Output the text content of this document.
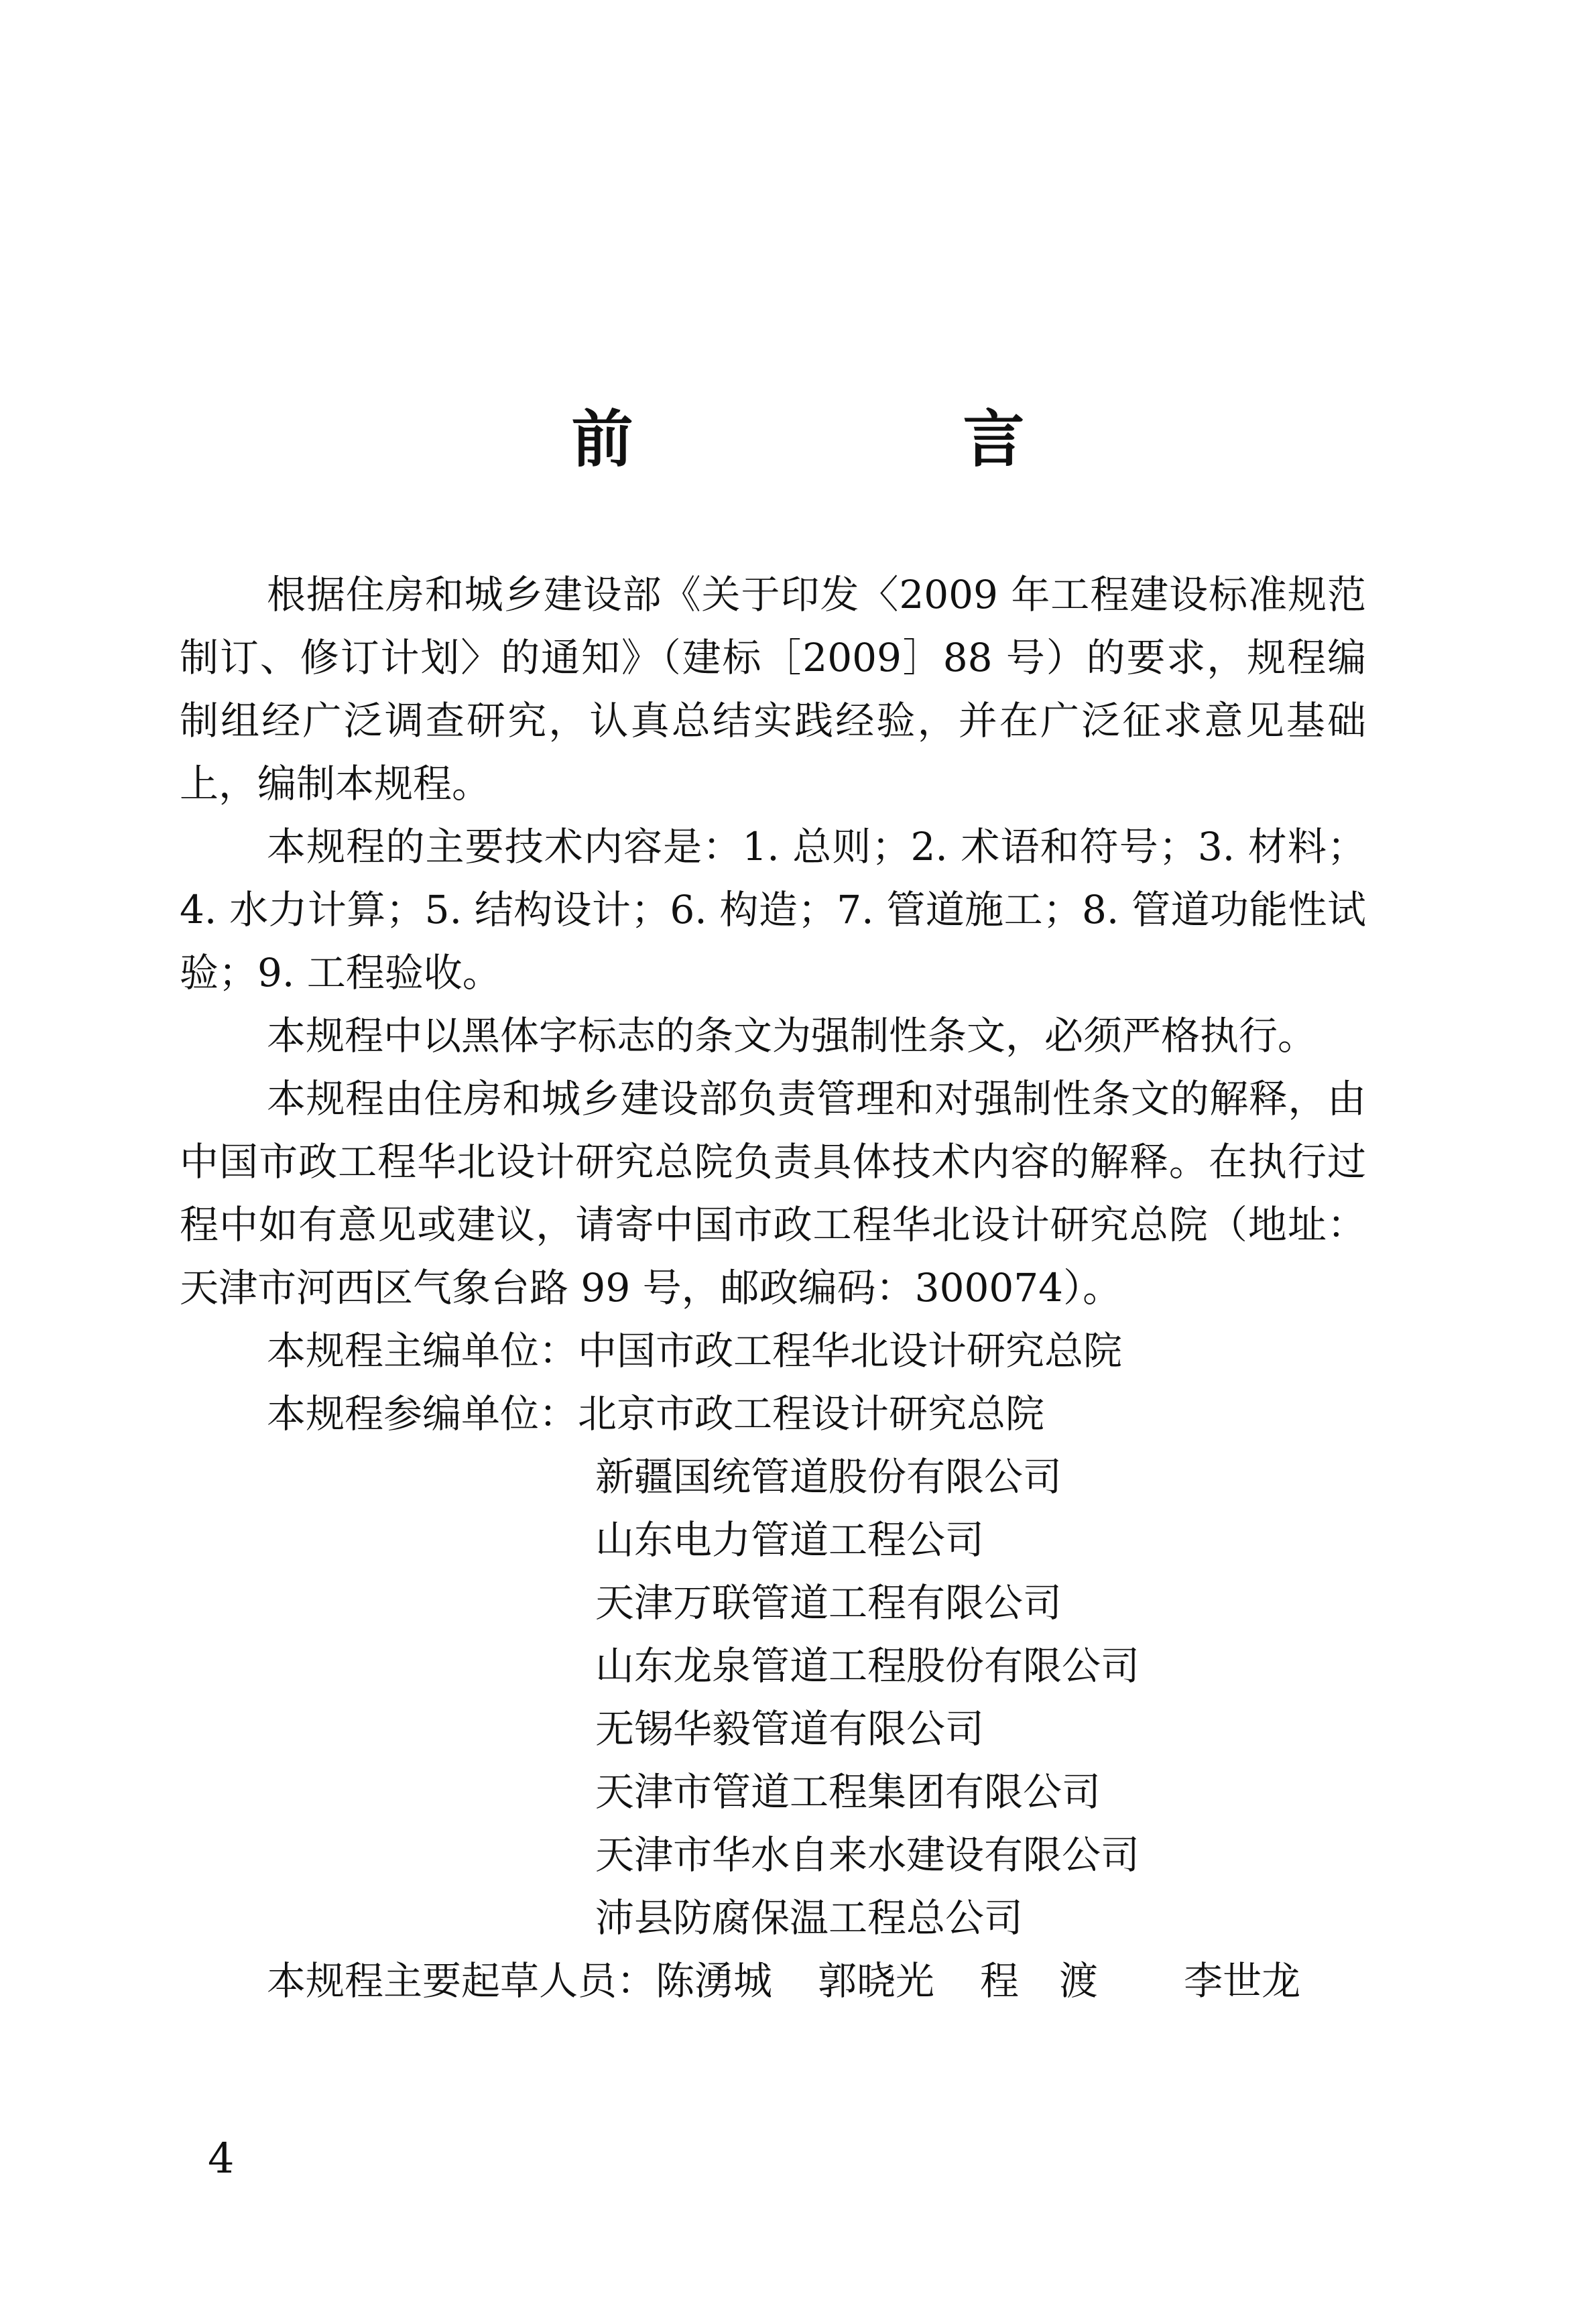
前　言

根据住房和城乡建设部《关于印发〈2009 年工程建设标准规范制订、修订计划〉的通知》（建标［2009］88 号）的要求，规程编制组经广泛调查研究，认真总结实践经验，并在广泛征求意见基础上，编制本规程。

本规程的主要技术内容是：1. 总则；2. 术语和符号；3. 材料；4. 水力计算；5. 结构设计；6. 构造；7. 管道施工；8. 管道功能性试验；9. 工程验收。

本规程中以黑体字标志的条文为强制性条文，必须严格执行。

本规程由住房和城乡建设部负责管理和对强制性条文的解释，由中国市政工程华北设计研究总院负责具体技术内容的解释。在执行过程中如有意见或建议，请寄中国市政工程华北设计研究总院（地址：天津市河西区气象台路 99 号，邮政编码：300074）。

本规程主编单位：中国市政工程华北设计研究总院
本规程参编单位：北京市政工程设计研究总院
新疆国统管道股份有限公司
山东电力管道工程公司
天津万联管道工程有限公司
山东龙泉管道工程股份有限公司
无锡华毅管道有限公司
天津市管道工程集团有限公司
天津市华水自来水建设有限公司
沛县防腐保温工程总公司
本规程主要起草人员：陈湧城 郭晓光 程渡 李世龙
4
